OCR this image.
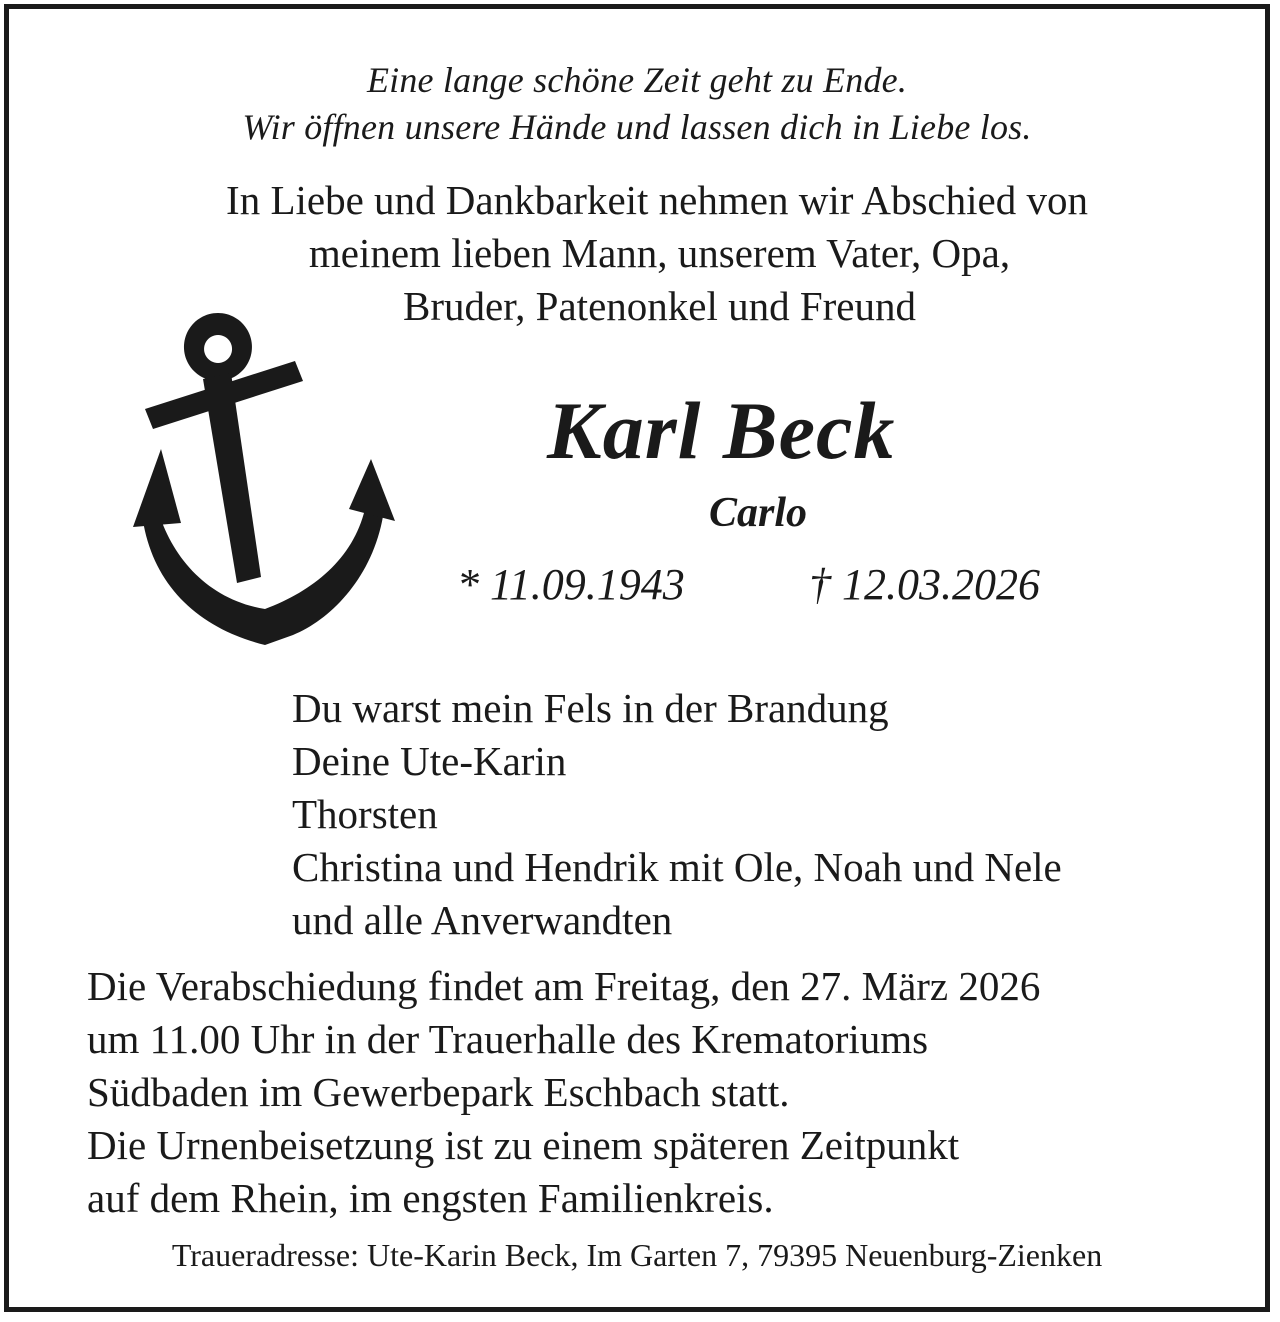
Eine lange schöne Zeit geht zu Ende.
Wir öffnen unsere Hände und lassen dich in Liebe los.
In Liebe und Dankbarkeit nehmen wir Abschied von
meinem lieben Mann, unserem Vater, Opa,
Bruder, Patenonkel und Freund
Karl Beck
Carlo
* 11.09.1943	† 12.03.2026
Du warst mein Fels in der Brandung
Deine Ute-Karin
Thorsten
Christina und Hendrik mit Ole, Noah und Nele
und alle Anverwandten
Die Verabschiedung findet am Freitag, den 27. März 2026
um 11.00 Uhr in der Trauerhalle des Krematoriums
Südbaden im Gewerbepark Eschbach statt.
Die Urnenbeisetzung ist zu einem späteren Zeitpunkt
auf dem Rhein, im engsten Familienkreis.
Traueradresse: Ute-Karin Beck, Im Garten 7, 79395 Neuenburg-Zienken
